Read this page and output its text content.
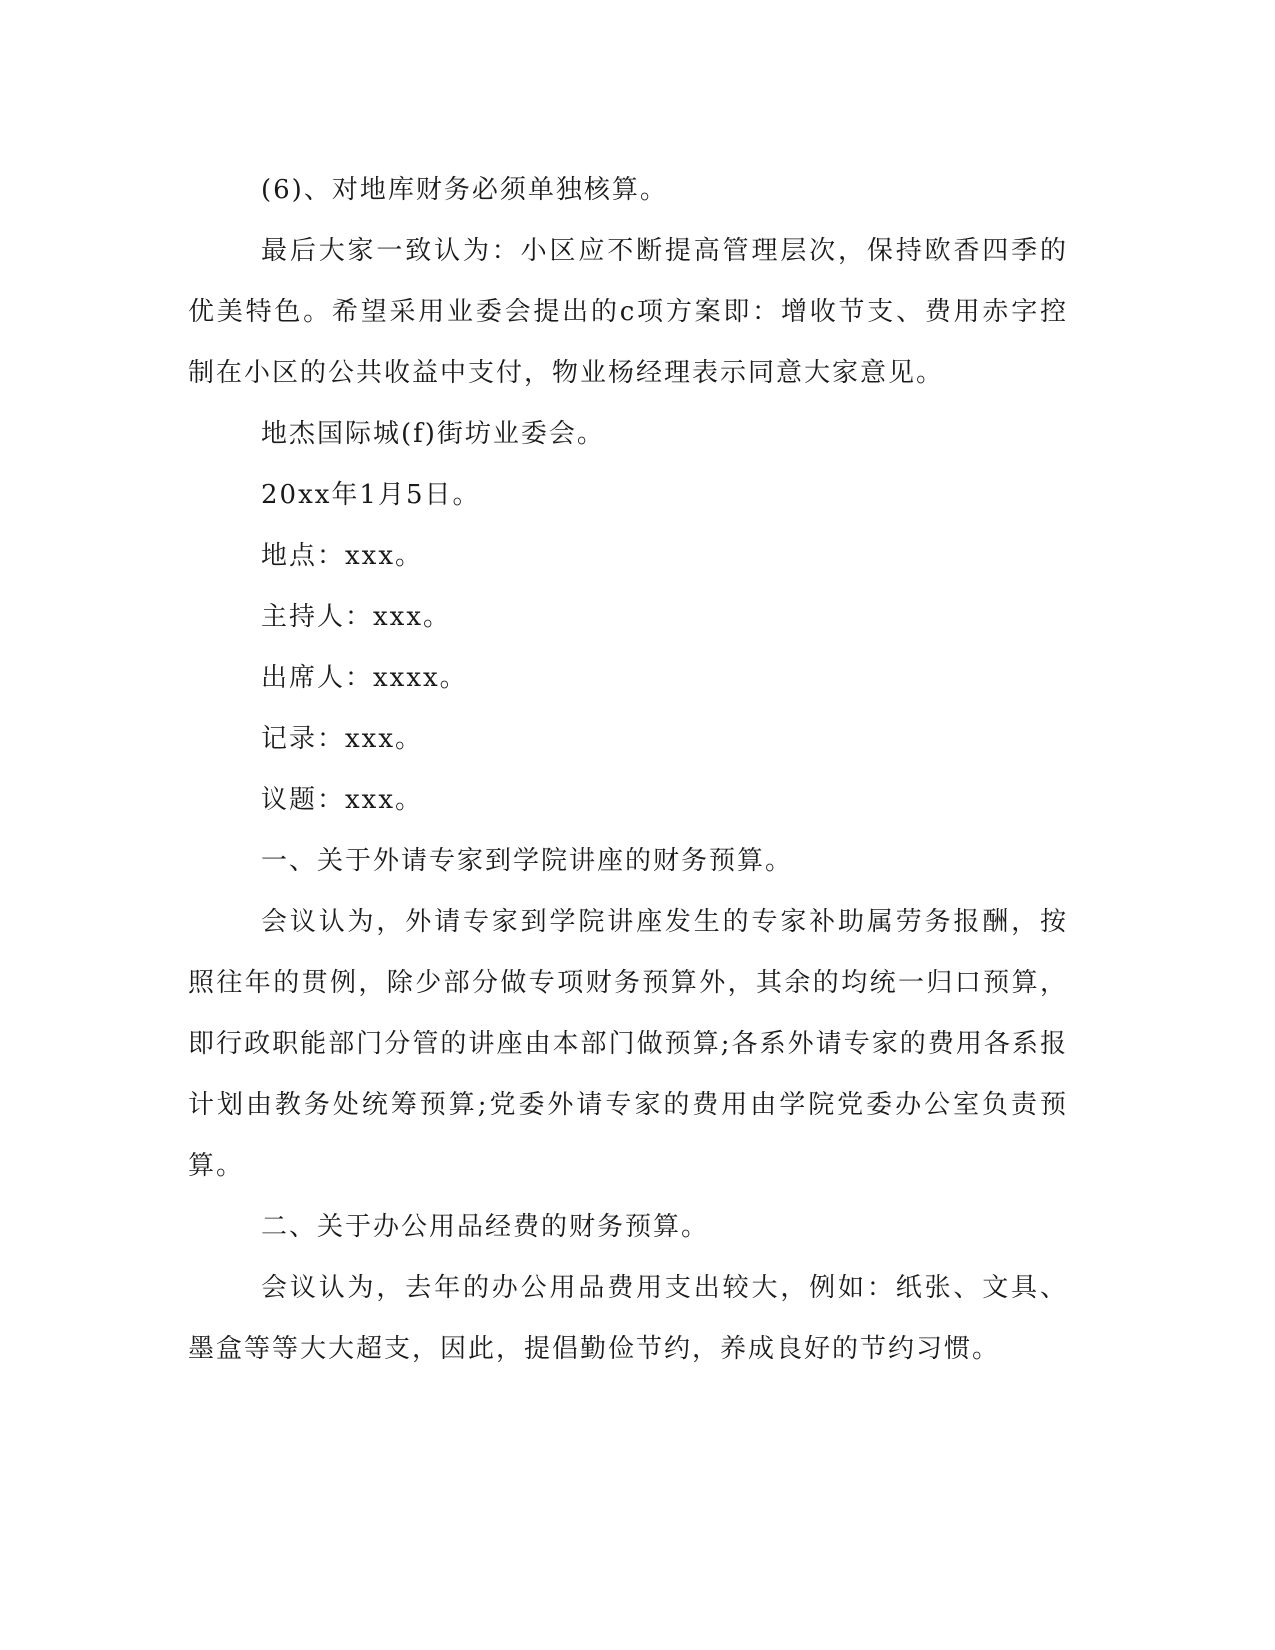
(6)、对地库财务必须单独核算。

最后大家一致认为：小区应不断提高管理层次，保持欧香四季的优美特色。希望采用业委会提出的c项方案即：增收节支、费用赤字控制在小区的公共收益中支付，物业杨经理表示同意大家意见。

地杰国际城(f)街坊业委会。

20xx年1月5日。

地点：xxx。

主持人：xxx。

出席人：xxxx。

记录：xxx。

议题：xxx。

一、关于外请专家到学院讲座的财务预算。

会议认为，外请专家到学院讲座发生的专家补助属劳务报酬，按照往年的贯例，除少部分做专项财务预算外，其余的均统一归口预算，即行政职能部门分管的讲座由本部门做预算;各系外请专家的费用各系报计划由教务处统筹预算;党委外请专家的费用由学院党委办公室负责预算。

二、关于办公用品经费的财务预算。

会议认为，去年的办公用品费用支出较大，例如：纸张、文具、墨盒等等大大超支，因此，提倡勤俭节约，养成良好的节约习惯。
